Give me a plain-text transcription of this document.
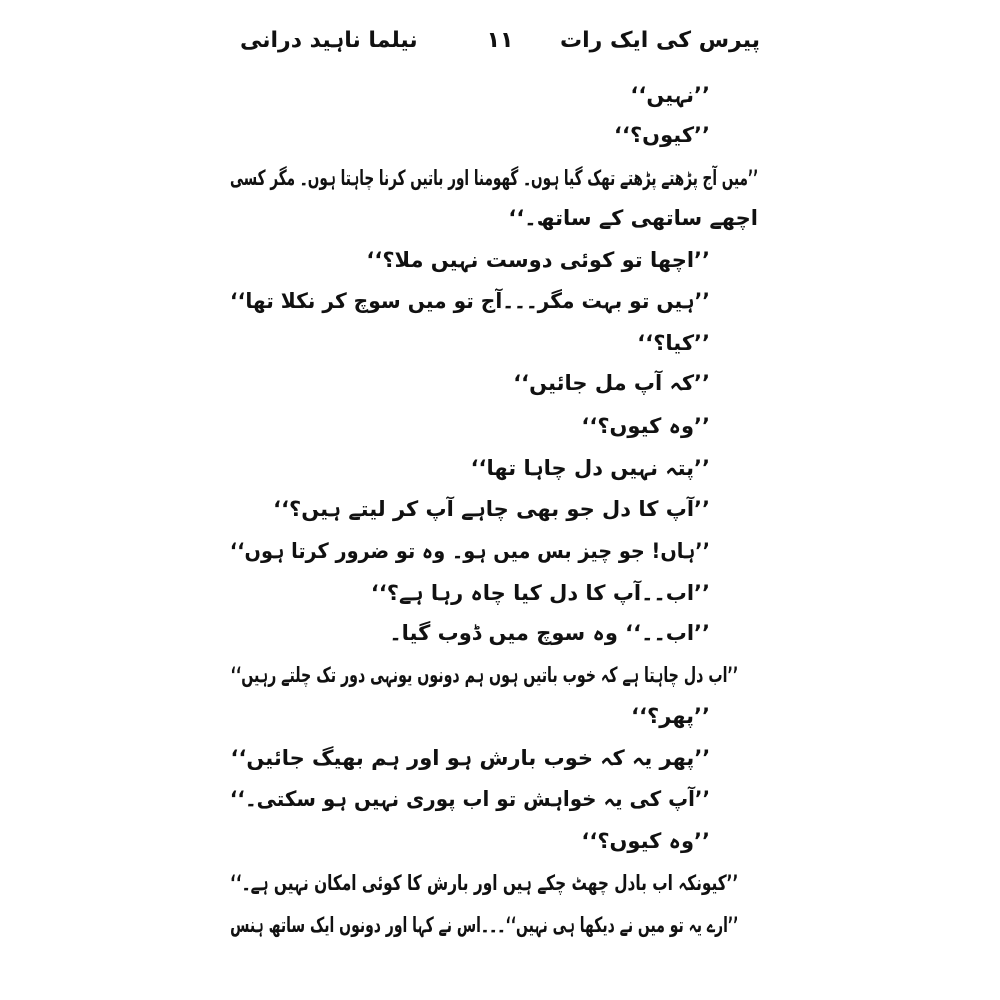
پیرس کی ایک رات
۱۱
نیلما ناہید درانی
’’نہیں‘‘
’’کیوں؟‘‘
’’میں آج پڑھتے پڑھتے تھک گیا ہوں۔ گھومنا اور باتیں کرنا چاہتا ہوں۔ مگر کسی
اچھے ساتھی کے ساتھ۔‘‘
’’اچھا تو کوئی دوست نہیں ملا؟‘‘
’’ہیں تو بہت مگر۔۔۔آج تو میں سوچ کر نکلا تھا‘‘
’’کیا؟‘‘
’’کہ آپ مل جائیں‘‘
’’وہ کیوں؟‘‘
’’پتہ نہیں دل چاہا تھا‘‘
’’آپ کا دل جو بھی چاہے آپ کر لیتے ہیں؟‘‘
’’ہاں! جو چیز بس میں ہو۔ وہ تو ضرور کرتا ہوں‘‘
’’اب۔۔آپ کا دل کیا چاہ رہا ہے؟‘‘
’’اب۔۔‘‘ وہ سوچ میں ڈوب گیا۔
’’اب دل چاہتا ہے کہ خوب باتیں ہوں ہم دونوں یونہی دور تک چلتے رہیں‘‘
’’پھر؟‘‘
’’پھر یہ کہ خوب بارش ہو اور ہم بھیگ جائیں‘‘
’’آپ کی یہ خواہش تو اب پوری نہیں ہو سکتی۔‘‘
’’وہ کیوں؟‘‘
’’کیونکہ اب بادل چھٹ چکے ہیں اور بارش کا کوئی امکان نہیں ہے۔‘‘
’’ارے یہ تو میں نے دیکھا ہی نہیں‘‘۔۔۔اس نے کہا اور دونوں ایک ساتھ ہنس
